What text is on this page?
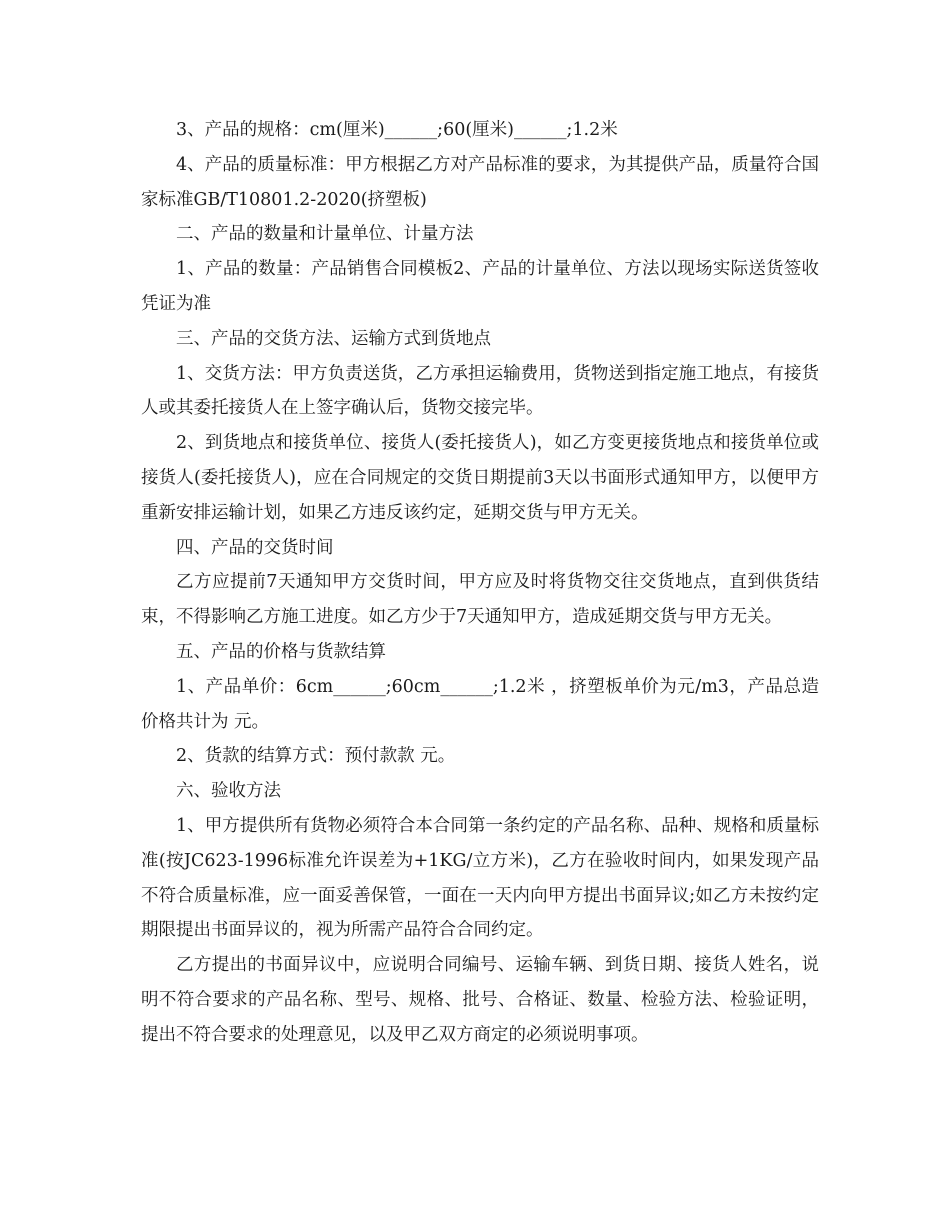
3、产品的规格：cm(厘米)______;60(厘米)______;1.2米

4、产品的质量标准：甲方根据乙方对产品标准的要求，为其提供产品，质量符合国家标准GB/T10801.2-2020(挤塑板)

二、产品的数量和计量单位、计量方法

1、产品的数量：产品销售合同模板2、产品的计量单位、方法以现场实际送货签收凭证为准

三、产品的交货方法、运输方式到货地点

1、交货方法：甲方负责送货，乙方承担运输费用，货物送到指定施工地点，有接货人或其委托接货人在上签字确认后，货物交接完毕。

2、到货地点和接货单位、接货人(委托接货人)，如乙方变更接货地点和接货单位或接货人(委托接货人)，应在合同规定的交货日期提前3天以书面形式通知甲方，以便甲方重新安排运输计划，如果乙方违反该约定，延期交货与甲方无关。

四、产品的交货时间

乙方应提前7天通知甲方交货时间，甲方应及时将货物交往交货地点，直到供货结束，不得影响乙方施工进度。如乙方少于7天通知甲方，造成延期交货与甲方无关。

五、产品的价格与货款结算

1、产品单价：6cm______;60cm______;1.2米 ，挤塑板单价为元/m3，产品总造价格共计为 元。

2、货款的结算方式：预付款款 元。

六、验收方法

1、甲方提供所有货物必须符合本合同第一条约定的产品名称、品种、规格和质量标准(按JC623-1996标准允许误差为+1KG/立方米)，乙方在验收时间内，如果发现产品不符合质量标准，应一面妥善保管，一面在一天内向甲方提出书面异议;如乙方未按约定期限提出书面异议的，视为所需产品符合合同约定。

乙方提出的书面异议中，应说明合同编号、运输车辆、到货日期、接货人姓名，说明不符合要求的产品名称、型号、规格、批号、合格证、数量、检验方法、检验证明，提出不符合要求的处理意见，以及甲乙双方商定的必须说明事项。
